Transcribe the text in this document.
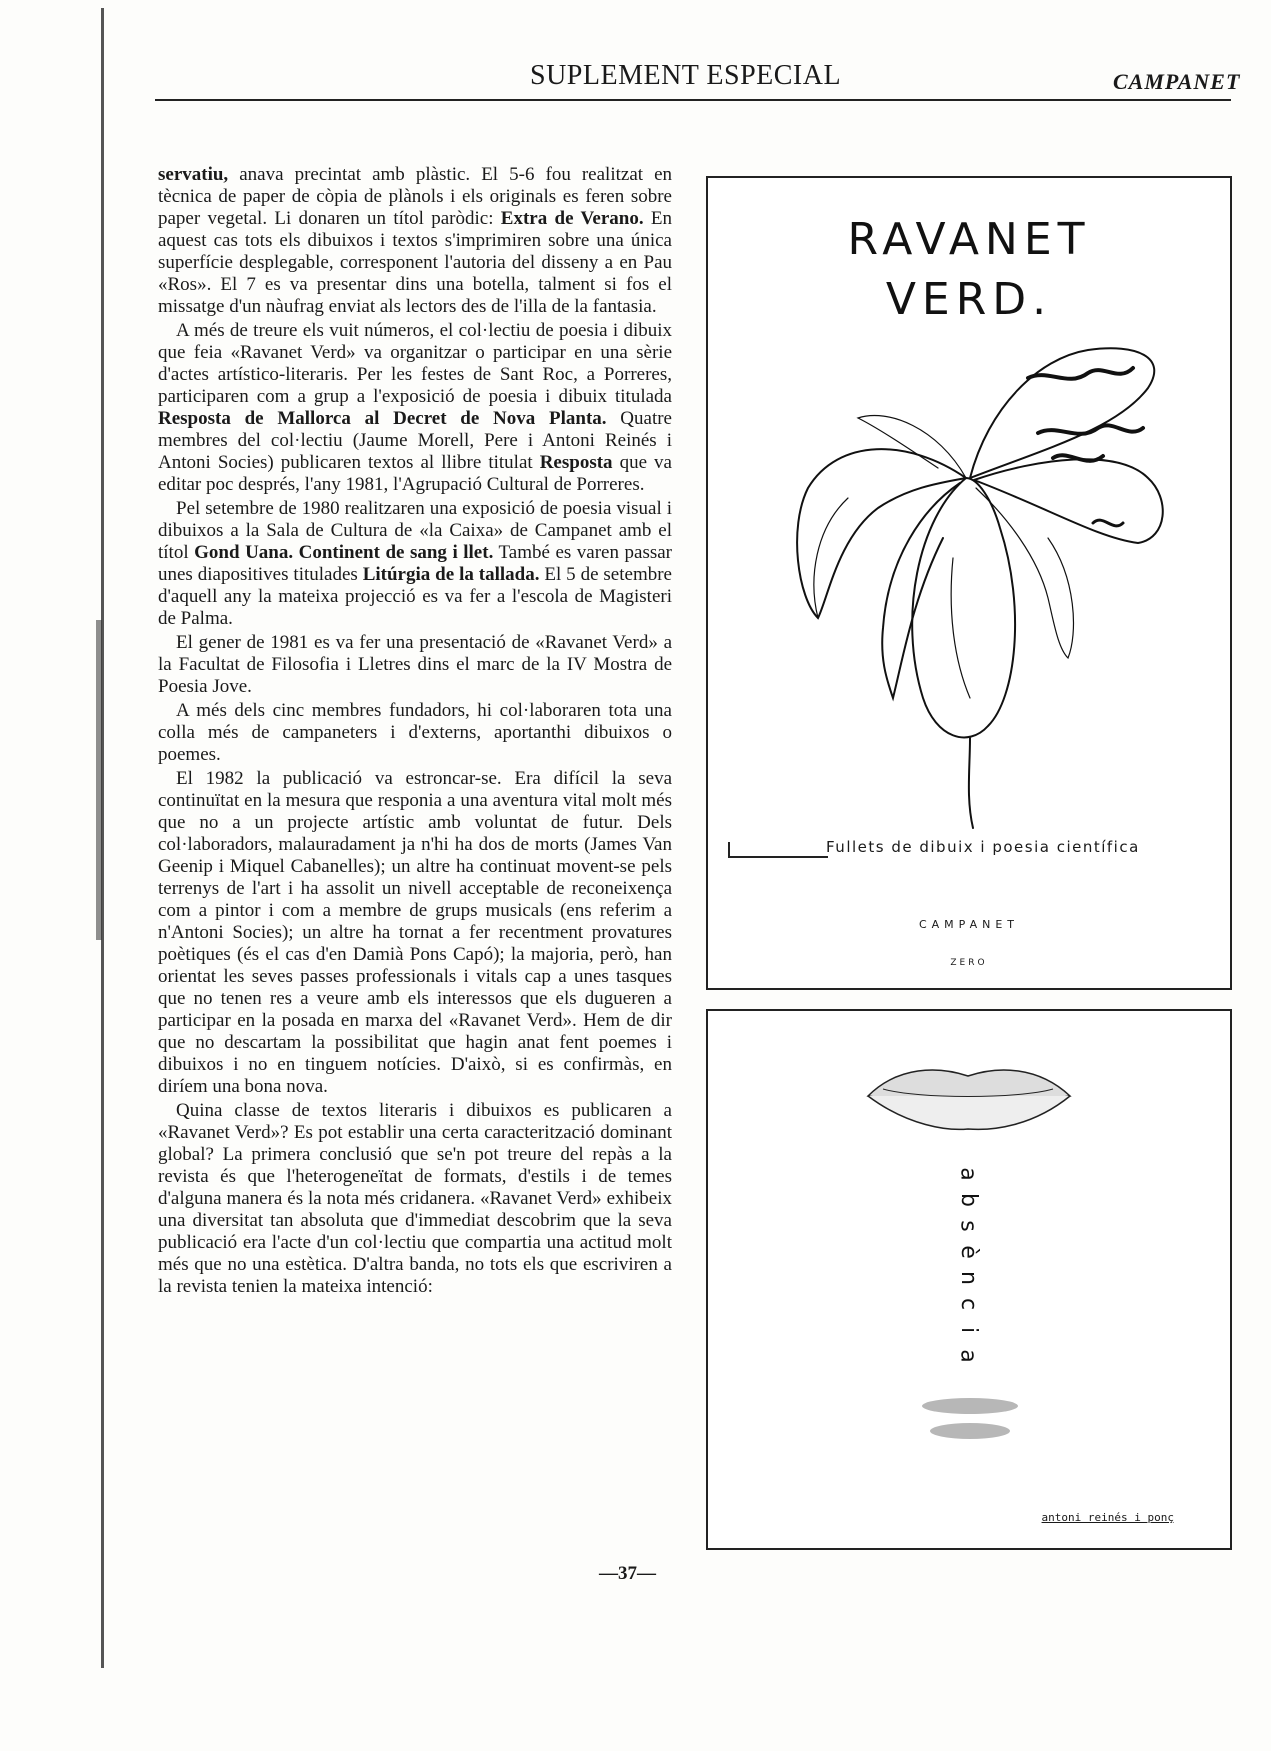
SUPLEMENT ESPECIAL	CAMPANET

servatiu, anava precintat amb plàstic. El 5-6 fou realitzat en tècnica de paper de còpia de plànols i els originals es feren sobre paper vegetal. Li donaren un títol paròdic: Extra de Verano. En aquest cas tots els dibuixos i textos s'imprimiren sobre una única superfície desplegable, corresponent l'autoria del disseny a en Pau «Ros». El 7 es va presentar dins una botella, talment si fos el missatge d'un nàufrag enviat als lectors des de l'illa de la fantasia.

A més de treure els vuit números, el col·lectiu de poesia i dibuix que feia «Ravanet Verd» va organitzar o participar en una sèrie d'actes artístico-literaris. Per les festes de Sant Roc, a Porreres, participaren com a grup a l'exposició de poesia i dibuix titulada Resposta de Mallorca al Decret de Nova Planta. Quatre membres del col·lectiu (Jaume Morell, Pere i Antoni Reinés i Antoni Socies) publicaren textos al llibre titulat Resposta que va editar poc després, l'any 1981, l'Agrupació Cultural de Porreres.

Pel setembre de 1980 realitzaren una exposició de poesia visual i dibuixos a la Sala de Cultura de «la Caixa» de Campanet amb el títol Gond Uana. Continent de sang i llet. També es varen passar unes diapositives titulades Litúrgia de la tallada. El 5 de setembre d'aquell any la mateixa projecció es va fer a l'escola de Magisteri de Palma.

El gener de 1981 es va fer una presentació de «Ravanet Verd» a la Facultat de Filosofia i Lletres dins el marc de la IV Mostra de Poesia Jove.

A més dels cinc membres fundadors, hi col·laboraren tota una colla més de campaneters i d'externs, aportanthi dibuixos o poemes.

El 1982 la publicació va estroncar-se. Era difícil la seva continuïtat en la mesura que responia a una aventura vital molt més que no a un projecte artístic amb voluntat de futur. Dels col·laboradors, malauradament ja n'hi ha dos de morts (James Van Geenip i Miquel Cabanelles); un altre ha continuat movent-se pels terrenys de l'art i ha assolit un nivell acceptable de reconeixença com a pintor i com a membre de grups musicals (ens referim a n'Antoni Socies); un altre ha tornat a fer recentment provatures poètiques (és el cas d'en Damià Pons Capó); la majoria, però, han orientat les seves passes professionals i vitals cap a unes tasques que no tenen res a veure amb els interessos que els dugueren a participar en la posada en marxa del «Ravanet Verd». Hem de dir que no descartam la possibilitat que hagin anat fent poemes i dibuixos i no en tinguem notícies. D'això, si es confirmàs, en diríem una bona nova.

Quina classe de textos literaris i dibuixos es publicaren a «Ravanet Verd»? Es pot establir una certa caracterització dominant global? La primera conclusió que se'n pot treure del repàs a la revista és que l'heterogeneïtat de formats, d'estils i de temes d'alguna manera és la nota més cridanera. «Ravanet Verd» exhibeix una diversitat tan absoluta que d'immediat descobrim que la seva publicació era l'acte d'un col·lectiu que compartia una actitud molt més que no una estètica. D'altra banda, no tots els que escriviren a la revista tenien la mateixa intenció:

RAVANET
VERD.
Fullets de dibuix i poesia científica
CAMPANET
ZERO
a
b
s
è
n
c
i
a
antoni reinés i ponç
—37—
